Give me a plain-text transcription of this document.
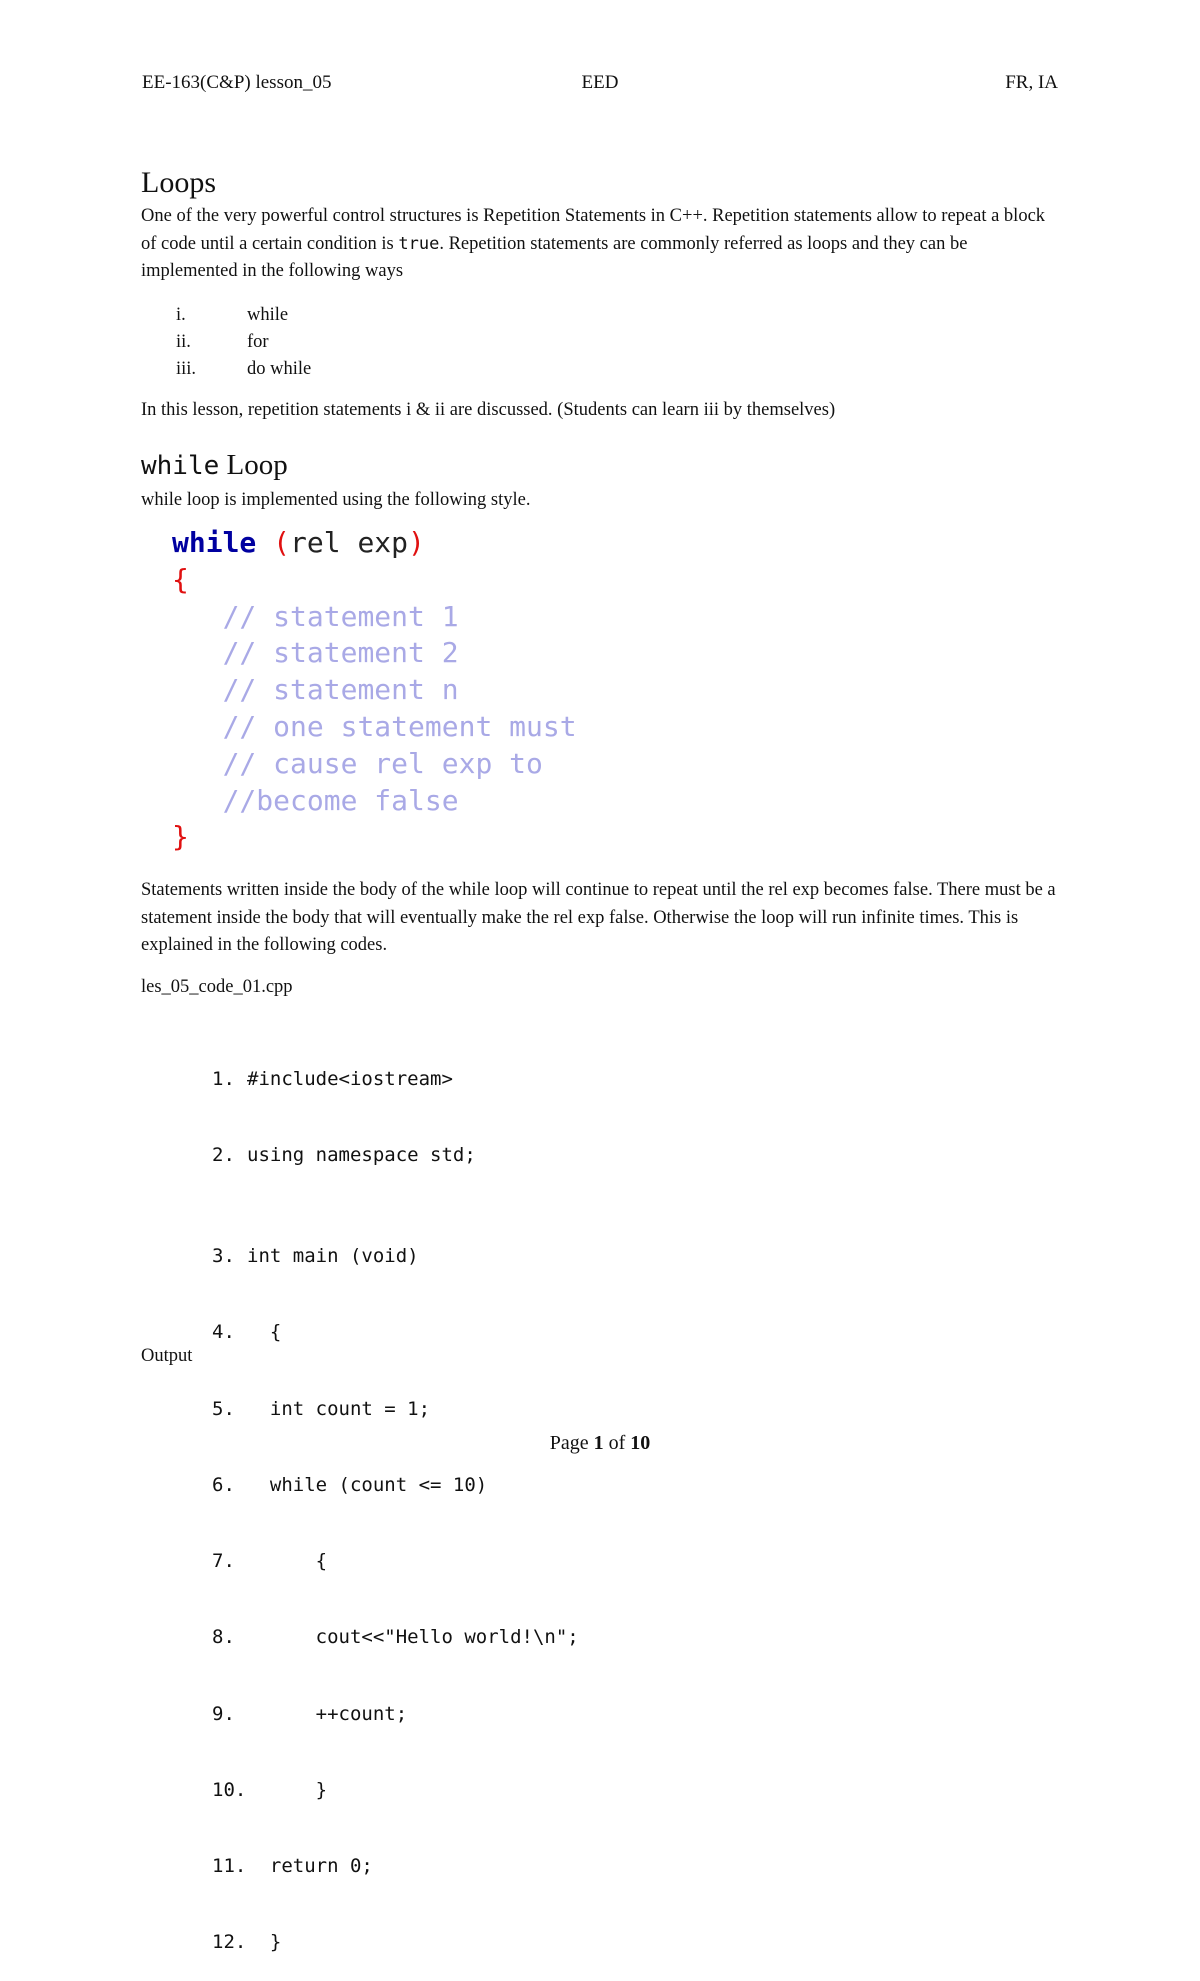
EE-163(C&P) lesson_05	EED	FR, IA
Loops
One of the very powerful control structures is Repetition Statements in C++. Repetition statements allow to repeat a block of code until a certain condition is true. Repetition statements are commonly referred as loops and they can be implemented in the following ways
i.	while
ii.	for
iii.	do while
In this lesson, repetition statements i & ii are discussed. (Students can learn iii by themselves)
while Loop
while loop is implemented using the following style.
while (rel exp)
{
// statement 1
// statement 2
// statement n
// one statement must
// cause rel exp to
//become false
}
Statements written inside the body of the while loop will continue to repeat until the rel exp becomes false. There must be a statement inside the body that will eventually make the rel exp false. Otherwise the loop will run infinite times. This is explained in the following codes.
les_05_code_01.cpp

1. #include<iostream>

2. using namespace std;

3. int main (void)

4. {

5. int count = 1;

6. while (count <= 10)

7. {

8. cout<<"Hello world!\n";

9. ++count;

10. }

11. return 0;

12. }

Output
Page 1 of 10
